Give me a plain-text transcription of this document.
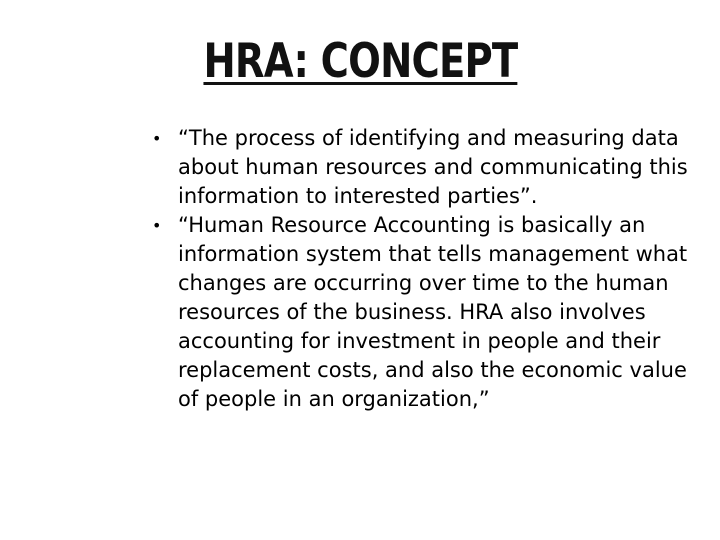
HRA: CONCEPT
• “The process of identifying and measuring data about human resources and communicating this information to interested parties”.
• “Human Resource Accounting is basically an information system that tells management what changes are occurring over time to the human resources of the business. HRA also involves accounting for investment in people and their replacement costs, and also the economic value of people in an organization,”
